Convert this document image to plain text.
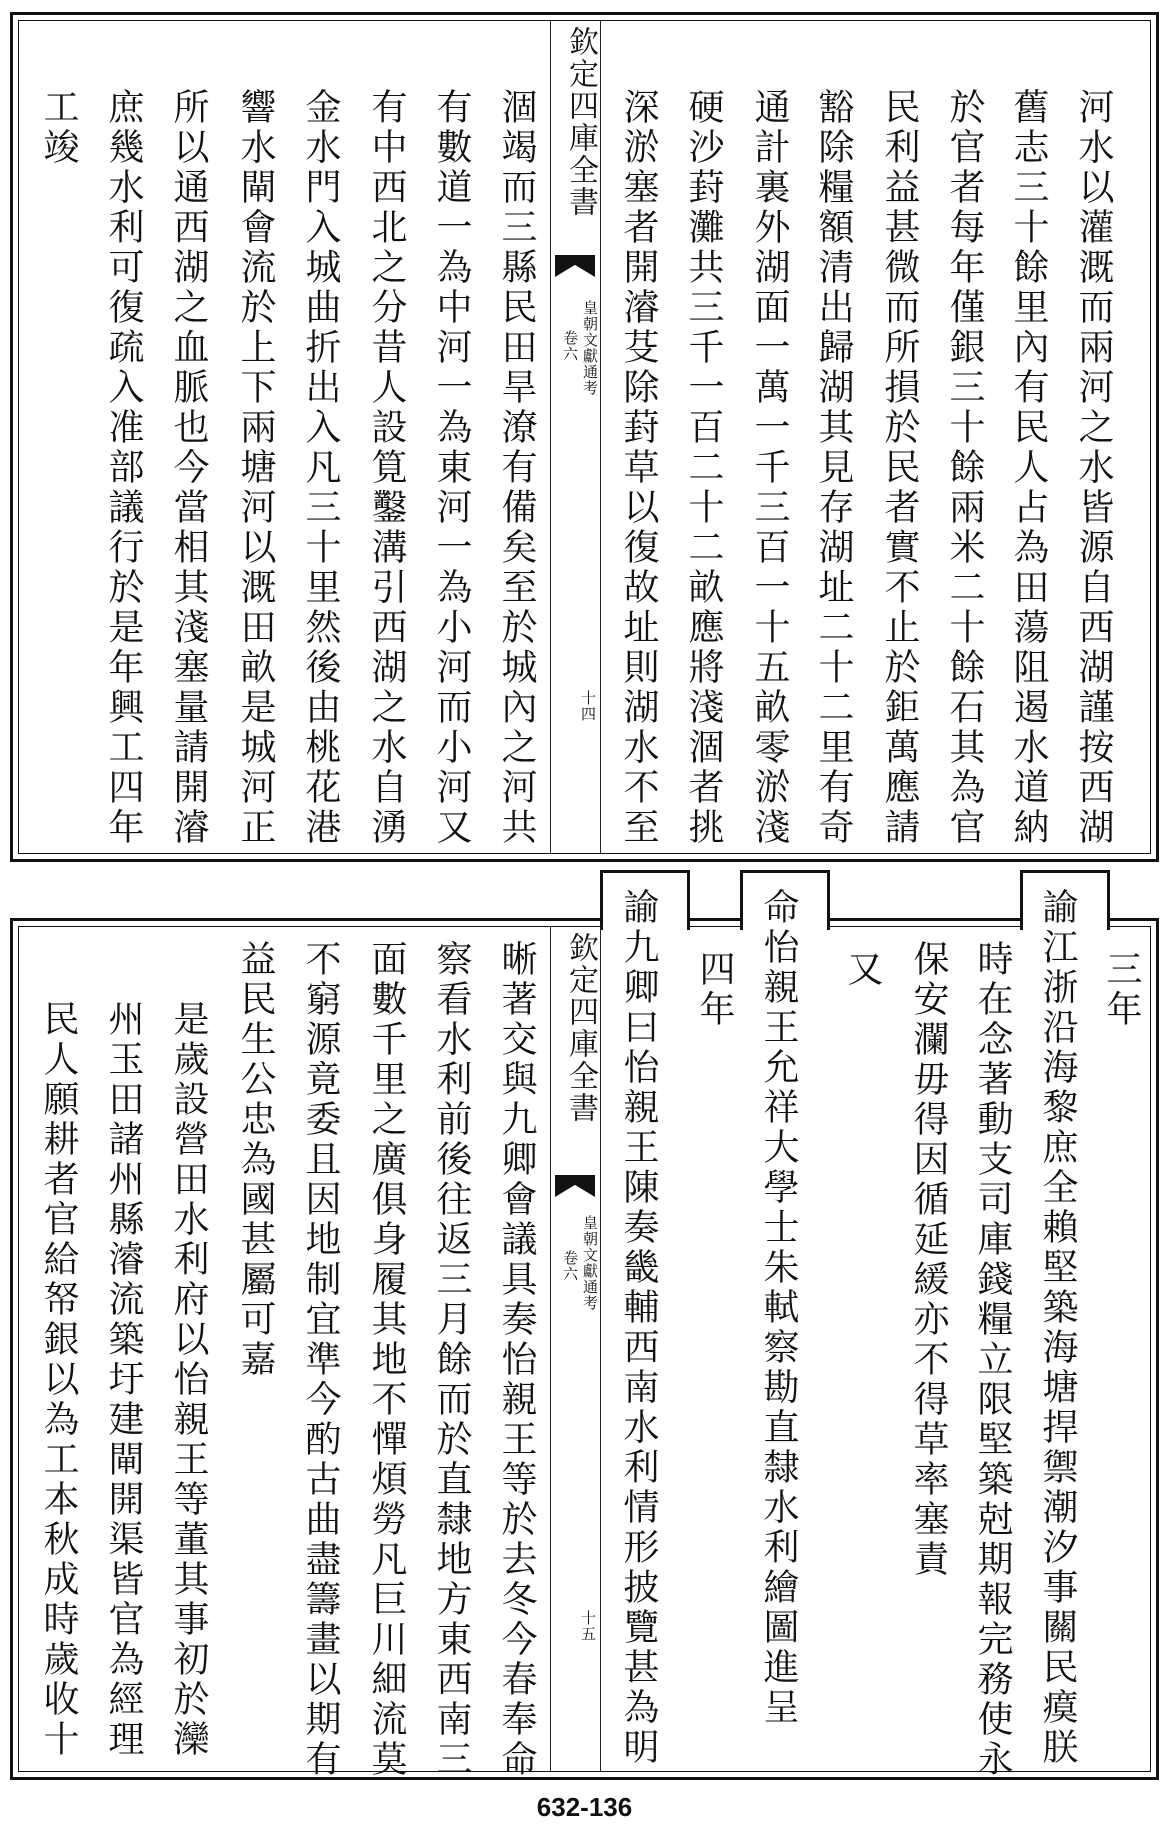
河水以灌溉而兩河之水皆源自西湖謹按西湖
舊志三十餘里內有民人占為田蕩阻遏水道納
於官者每年僅銀三十餘兩米二十餘石其為官
民利益甚微而所損於民者實不止於鉅萬應請
豁除糧額清出歸湖其見存湖址二十二里有奇
通計裏外湖面一萬一千三百一十五畝零淤淺
硬沙葑灘共三千一百二十二畝應將淺涸者挑
深淤塞者開濬芟除葑草以復故址則湖水不至
欽定四庫全書
皇朝文獻通考
卷六
十四
涸竭而三縣民田旱潦有備矣至於城內之河共
有數道一為中河一為東河一為小河而小河又
有中西北之分昔人設筧鑿溝引西湖之水自湧
金水門入城曲折出入凡三十里然後由桃花港
響水閘會流於上下兩塘河以溉田畝是城河正
所以通西湖之血脈也今當相其淺塞量請開濬
庶幾水利可復疏入准部議行於是年興工四年
工竣
三年
諭江浙沿海黎庶全賴堅築海塘捍禦潮汐事關民瘼朕
時在念著動支司庫錢糧立限堅築尅期報完務使永
保安瀾毋得因循延緩亦不得草率塞責
又
命怡親王允祥大學士朱軾察勘直隸水利繪圖進呈
四年
諭九卿曰怡親王陳奏畿輔西南水利情形披覽甚為明
欽定四庫全書
皇朝文獻通考
卷六
十五
晰著交與九卿會議具奏怡親王等於去冬今春奉命
察看水利前後往返三月餘而於直隸地方東西南三
面數千里之廣俱身履其地不憚煩勞凡巨川細流莫
不窮源竟委且因地制宜準今酌古曲盡籌畫以期有
益民生公忠為國甚屬可嘉
是歲設營田水利府以怡親王等董其事初於灤
州玉田諸州縣濬流築圩建閘開渠皆官為經理
民人願耕者官給帑銀以為工本秋成時歲收十
632-136
